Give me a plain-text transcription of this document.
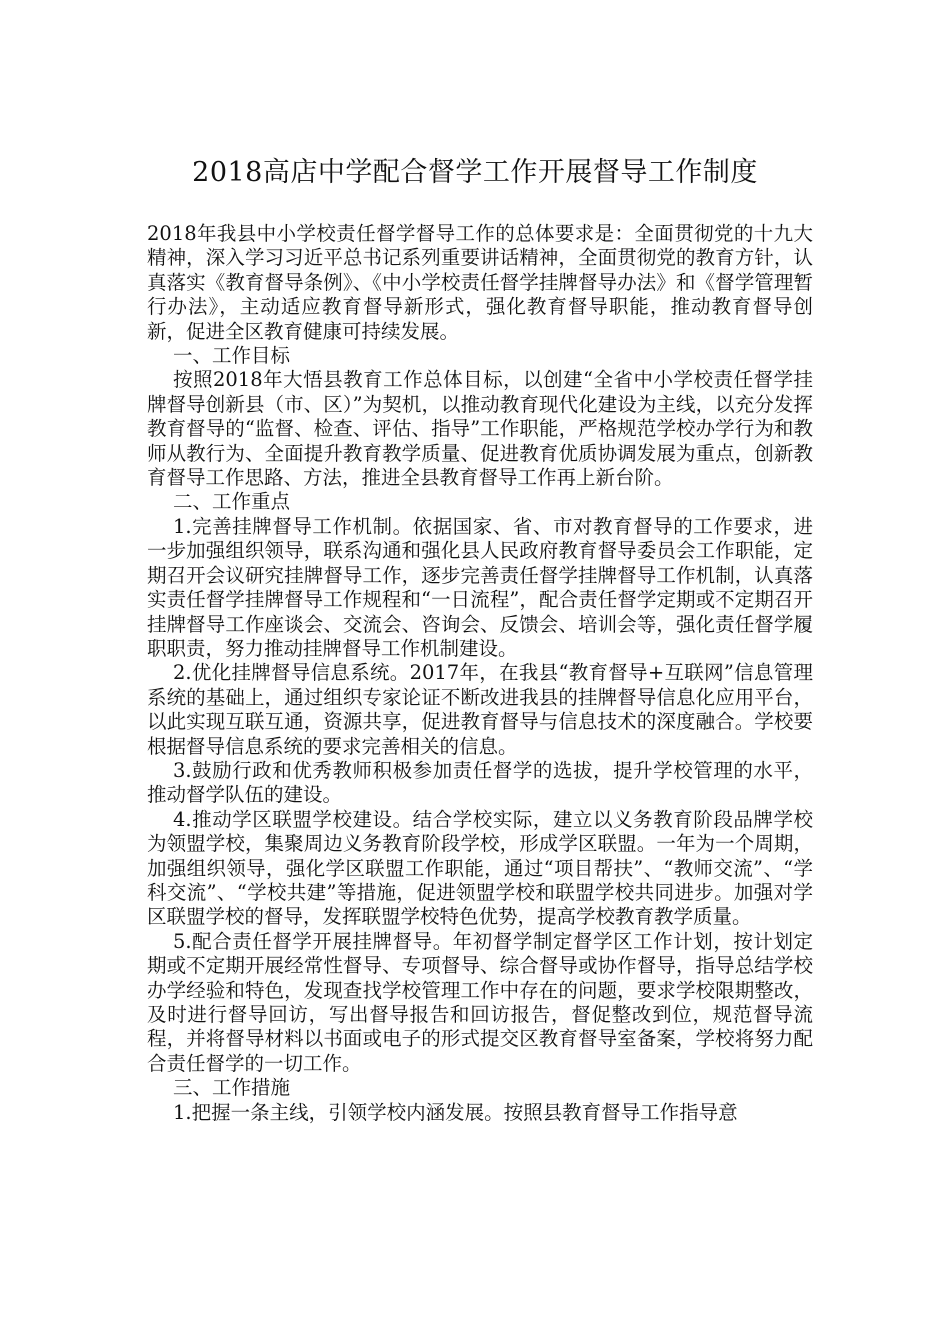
2018高店中学配合督学工作开展督导工作制度

2018年我县中小学校责任督学督导工作的总体要求是：全面贯彻党的十九大精神，深入学习习近平总书记系列重要讲话精神，全面贯彻党的教育方针，认真落实《教育督导条例》、《中小学校责任督学挂牌督导办法》和《督学管理暂行办法》，主动适应教育督导新形式，强化教育督导职能，推动教育督导创新，促进全区教育健康可持续发展。

一、工作目标

按照2018年大悟县教育工作总体目标，以创建“全省中小学校责任督学挂牌督导创新县（市、区）”为契机，以推动教育现代化建设为主线，以充分发挥教育督导的“监督、检查、评估、指导”工作职能，严格规范学校办学行为和教师从教行为、全面提升教育教学质量、促进教育优质协调发展为重点，创新教育督导工作思路、方法，推进全县教育督导工作再上新台阶。

二、工作重点

1.完善挂牌督导工作机制。依据国家、省、市对教育督导的工作要求，进一步加强组织领导，联系沟通和强化县人民政府教育督导委员会工作职能，定期召开会议研究挂牌督导工作，逐步完善责任督学挂牌督导工作机制，认真落实责任督学挂牌督导工作规程和“一日流程”，配合责任督学定期或不定期召开挂牌督导工作座谈会、交流会、咨询会、反馈会、培训会等，强化责任督学履职职责，努力推动挂牌督导工作机制建设。

2.优化挂牌督导信息系统。2017年，在我县“教育督导+互联网”信息管理系统的基础上，通过组织专家论证不断改进我县的挂牌督导信息化应用平台，以此实现互联互通，资源共享，促进教育督导与信息技术的深度融合。学校要根据督导信息系统的要求完善相关的信息。

3.鼓励行政和优秀教师积极参加责任督学的选拔，提升学校管理的水平，推动督学队伍的建设。

4.推动学区联盟学校建设。结合学校实际，建立以义务教育阶段品牌学校为领盟学校，集聚周边义务教育阶段学校，形成学区联盟。一年为一个周期，加强组织领导，强化学区联盟工作职能，通过“项目帮扶”、“教师交流”、“学科交流”、“学校共建”等措施，促进领盟学校和联盟学校共同进步。加强对学区联盟学校的督导，发挥联盟学校特色优势，提高学校教育教学质量。

5.配合责任督学开展挂牌督导。年初督学制定督学区工作计划，按计划定期或不定期开展经常性督导、专项督导、综合督导或协作督导，指导总结学校办学经验和特色，发现查找学校管理工作中存在的问题，要求学校限期整改，及时进行督导回访，写出督导报告和回访报告，督促整改到位，规范督导流程，并将督导材料以书面或电子的形式提交区教育督导室备案，学校将努力配合责任督学的一切工作。

三、工作措施

1.把握一条主线，引领学校内涵发展。按照县教育督导工作指导意
